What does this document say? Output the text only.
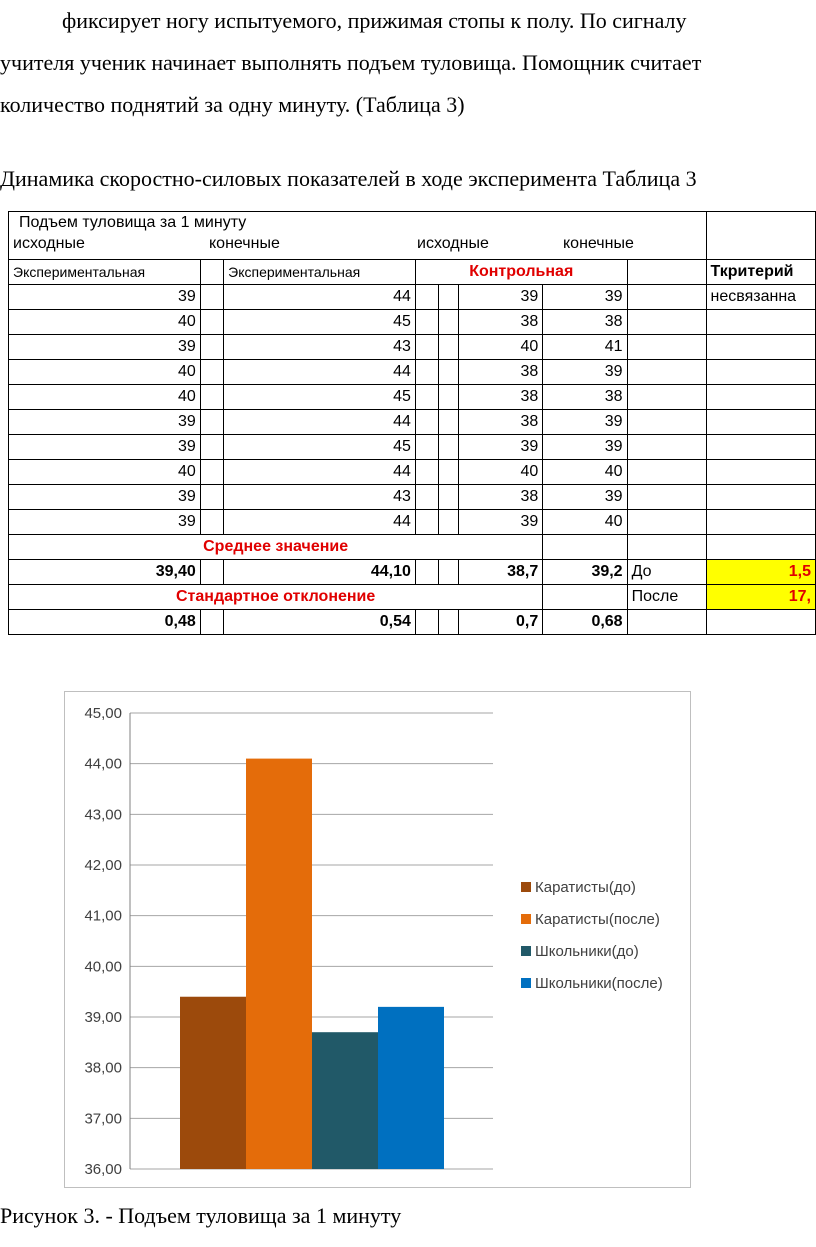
фиксирует ногу испытуемого, прижимая стопы к полу. По сигналу
учителя ученик начинает выполнять подъем туловища. Помощник считает
количество поднятий за одну минуту. (Таблица 3)
Динамика скоростно-силовых показателей в ходе эксперимента Таблица 3
Подъем туловища за 1 минуту
исходные конечные исходные конечные								

Экспериментальная		Экспериментальная	Контрольная					Ткритерий
39		44			39	39		несвязанна
40		45			38	38		
39		43			40	41		
40		44			38	39		
40		45			38	38		
39		44			38	39		
39		45			39	39		
40		44			40	40		
39		43			38	39		
39		44			39	40		
Среднее значение								
39,40		44,10			38,7	39,2	До	1,5
Стандартное отклонение							После	17,
0,48		0,54			0,7	0,68		
36,00
37,00
38,00
39,00
40,00
41,00
42,00
43,00
44,00
45,00
Каратисты(до)
Каратисты(после)
Школьники(до)
Школьники(после)
Рисунок 3. - Подъем туловища за 1 минуту
